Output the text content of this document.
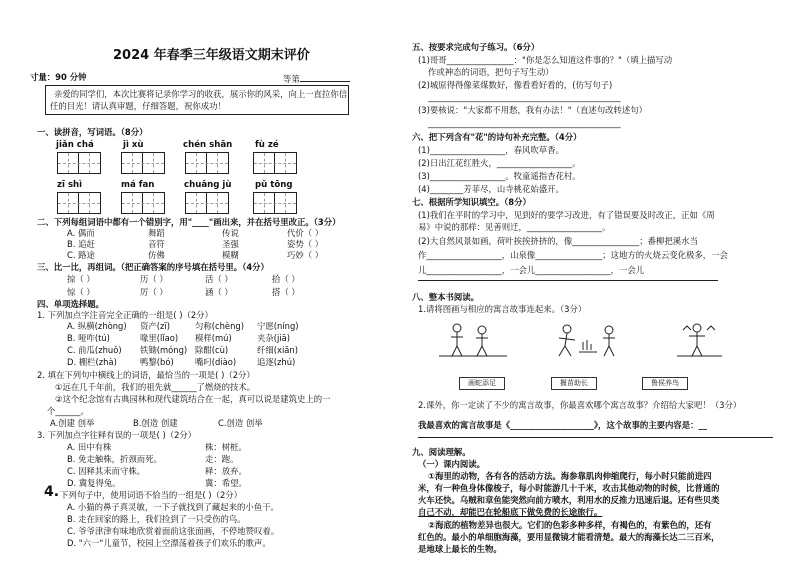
2024 年春季三年级语文期末评价
寸量：90 分钟	等第
亲爱的同学们，本次比赛将记录你学习的收获，展示你的风采，向上一直拉你信
任的目光！请认真审题，仔细答题，祝你成功！
一、读拼音，写词语。（8分）
jiǎn chá	jì xù	chén shān	fù zé
zī shì	má fan	chuǎng jù	pǔ tōng
二、下列每组词语中都有一个错别字，用"____"画出来，并在括号里改正。（3分）
A. 偶而	舞蹈	传说	代价（ ）
B. 追赶	音符	圣强	姿势（ ）
C. 路途	仿佛	模糊	巧妙（ ）
三、比一比，再组词。（把正确答案的序号填在括号里。（4分）
掠（ ）	历（ ）	活（ ）	拾（ ）
惊（ ）	厉（ ）	涵（ ）	搭（ ）
四、单项选择题。
1. 下列加点字注音完全正确的一组是( )（2分）
A. 纵横(zhòng) 资产(zī)	匀称(chèng) 宁愿(níng)
B. 哑咋(tú)	喙里(lǐao) 模样(mú)	夹杂(jiā)
C. 前瓜(zhuǒ) 铁锄(móng) 除酣(cù)	纤细(xiān)
D. 棚栏(zhà)	鸭黎(bó)	嘴叼(diào) 追逐(zhú)
2. 填在下列句中横线上的词语，最恰当的一项是( )（2分）
①远在几千年前，我们的祖先就______了燃烧的技术。
②这个纪念馆有古典园林和现代建筑结合在一起，真可以说是建筑史上的一
个______。
A.创建 创举	B.创造 创建	C.创造 创举
3. 下列加点字往释有误的一项是( )（2分）
A. 田中有株	株：树桩。
B. 免走触株，折颈而死。	走：跑。
C. 因释其耒而守株。	释：放弃。
D. 冀复得兔。	冀：希望。
4. 下列句子中，使用词语不恰当的一组是( )（2分）
A. 小猫的鼻子真灵敏，一下子就找到了藏起来的小鱼干。
B. 走在回家的路上，我们捡到了一只受伤的鸟。
C. 爷爷津津有味地欣赏着面前这张面画，不停地赞叹着。
D. "六一"儿童节，校园上空漂荡着孩子们欢乐的歌声。
五、按要求完成句子练习。（6分）
(1)哥哥________________："你是怎么知道这件事的？"（填上描写动
作或神态的词语，把句子写生动）
(2)城原得得像菜煤数好，像看看好看的，(仿写句子)
______________________________________________
(3)要核说："大家都不用愁，我有办法！"（直述句改转述句）
______________________________________________
六、把下列含有"花"的诗句补充完整。（4分）
(1)__________________，春风吹草香。
(2)日出江花红胜火，__________________。
(3)__________________。牧童遥指杏花村。
(4)________芳菲尽，山寺桃花始盛开。
七、根据所学知识填空。（8分）
(1)我们在平时的学习中，见到好的要学习改进，有了错误要及时改正，正如《周
易》中说的那样：见善则迁，__________________。
(2)大自然风景如画，荷叶挨挨挤挤的，像________________；番柳把溪水当
作__________________，山泉像________________；这地方的火烧云变化极多，一会
儿__________________，一会儿__________________，一会儿
八、整本书阅读。
1.请将图画与相应的寓言故事连起来。（3分）
画蛇添足	揠苗助长	鲁侯养鸟
2.课外，你一定读了不少的寓言故事，你最喜欢哪个寓言故事？介绍给大家吧！（3分）
我最喜欢的寓言故事是《____________________》，这个故事的主要内容是：__
九、阅读理解。
（一）课内阅读。
①海里的动物，各有各的活动方法。海参靠肌肉伸缩爬行，每小时只能前进四
米，有一种鱼身体像梭子，每小时能游几十千米，攻击其他动物的时候，比普通的
火车还快。乌贼和章鱼能突然向前方喷水，利用水的反推力迅速后退。还有些贝类
自己不动，却能巴在轮船底下做免费的长途旅行。
②海底的植物差异也很大。它们的色彩多种多样，有褐色的，有紫色的，还有
红色的。最小的单细胞海藻，要用显微镜才能看清楚。最大的海藻长达二三百米，
是地球上最长的生物。
